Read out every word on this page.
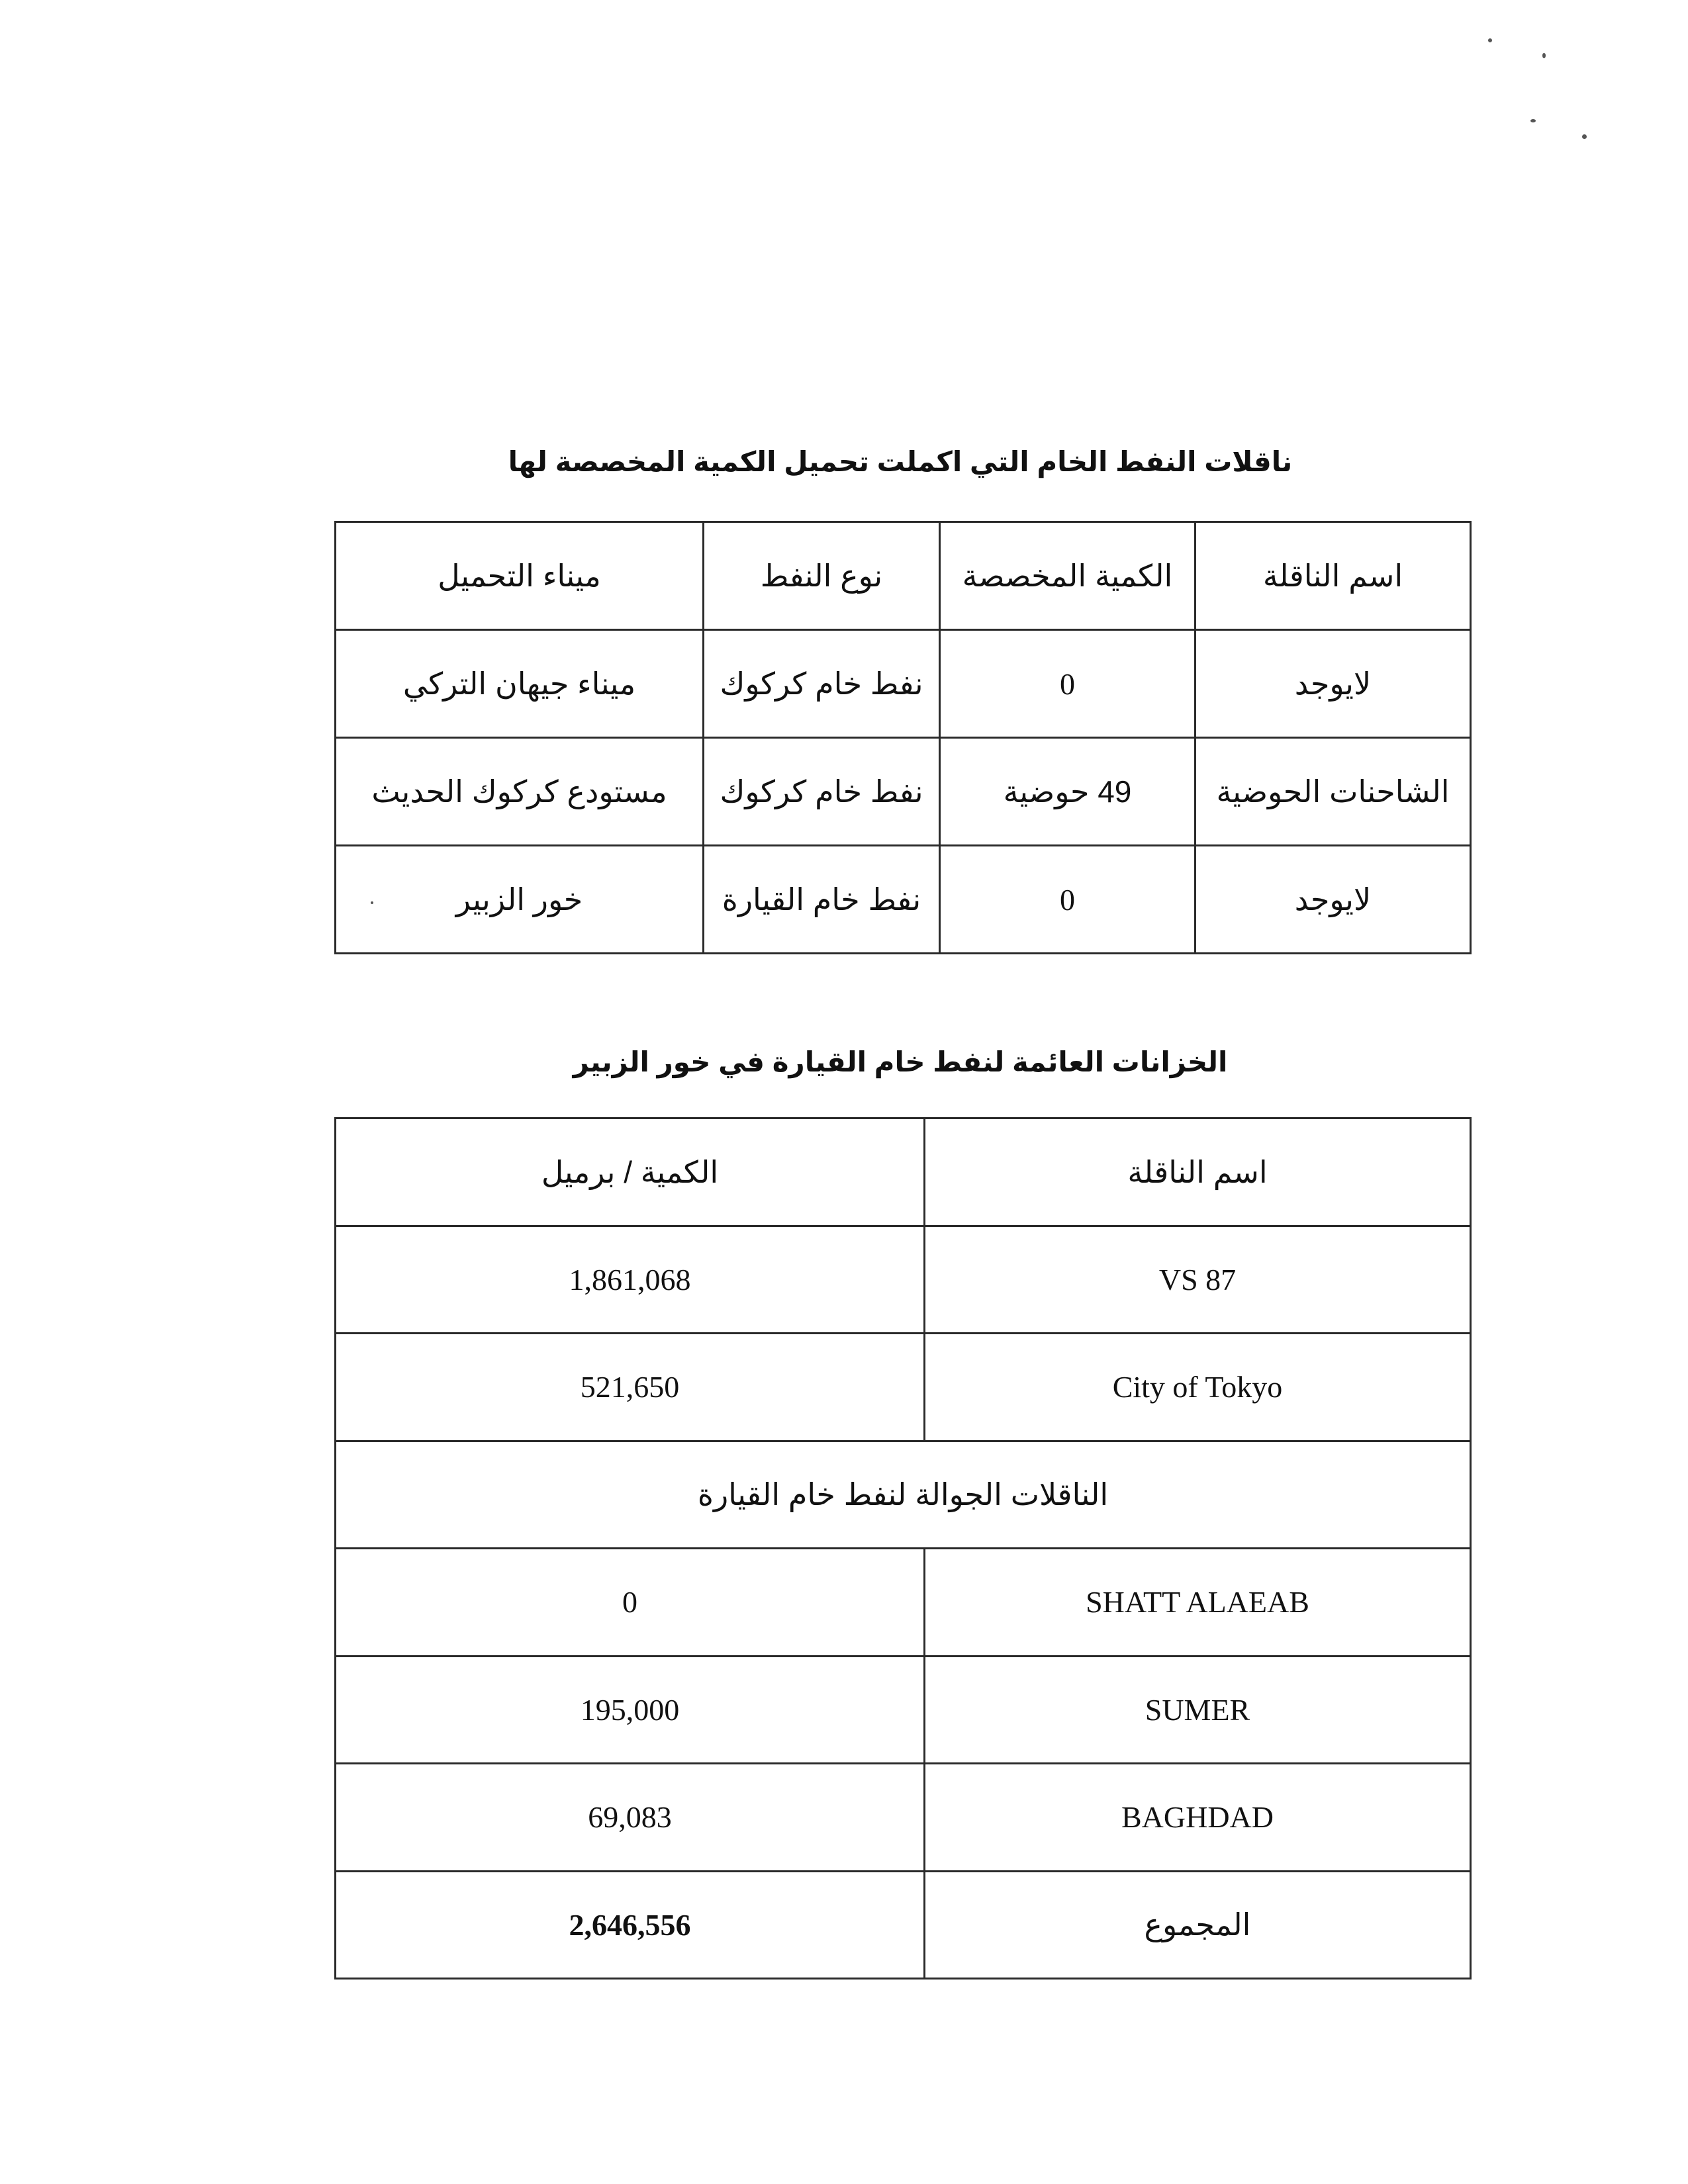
ناقلات النفط الخام التي اكملت تحميل الكمية المخصصة لها
اسم الناقلة	الكمية المخصصة	نوع النفط	ميناء التحميل
لايوجد	0	نفط خام كركوك	ميناء جيهان التركي
الشاحنات الحوضية	49 حوضية	نفط خام كركوك	مستودع كركوك الحديث
لايوجد	0	نفط خام القيارة	خور الزبير
الخزانات العائمة لنفط خام القيارة في خور الزبير
اسم الناقلة	الكمية / برميل
VS 87	1,861,068
City of Tokyo	521,650
الناقلات الجوالة لنفط خام القيارة	
SHATT ALAEAB	0
SUMER	195,000
BAGHDAD	69,083
المجموع	2,646,556
